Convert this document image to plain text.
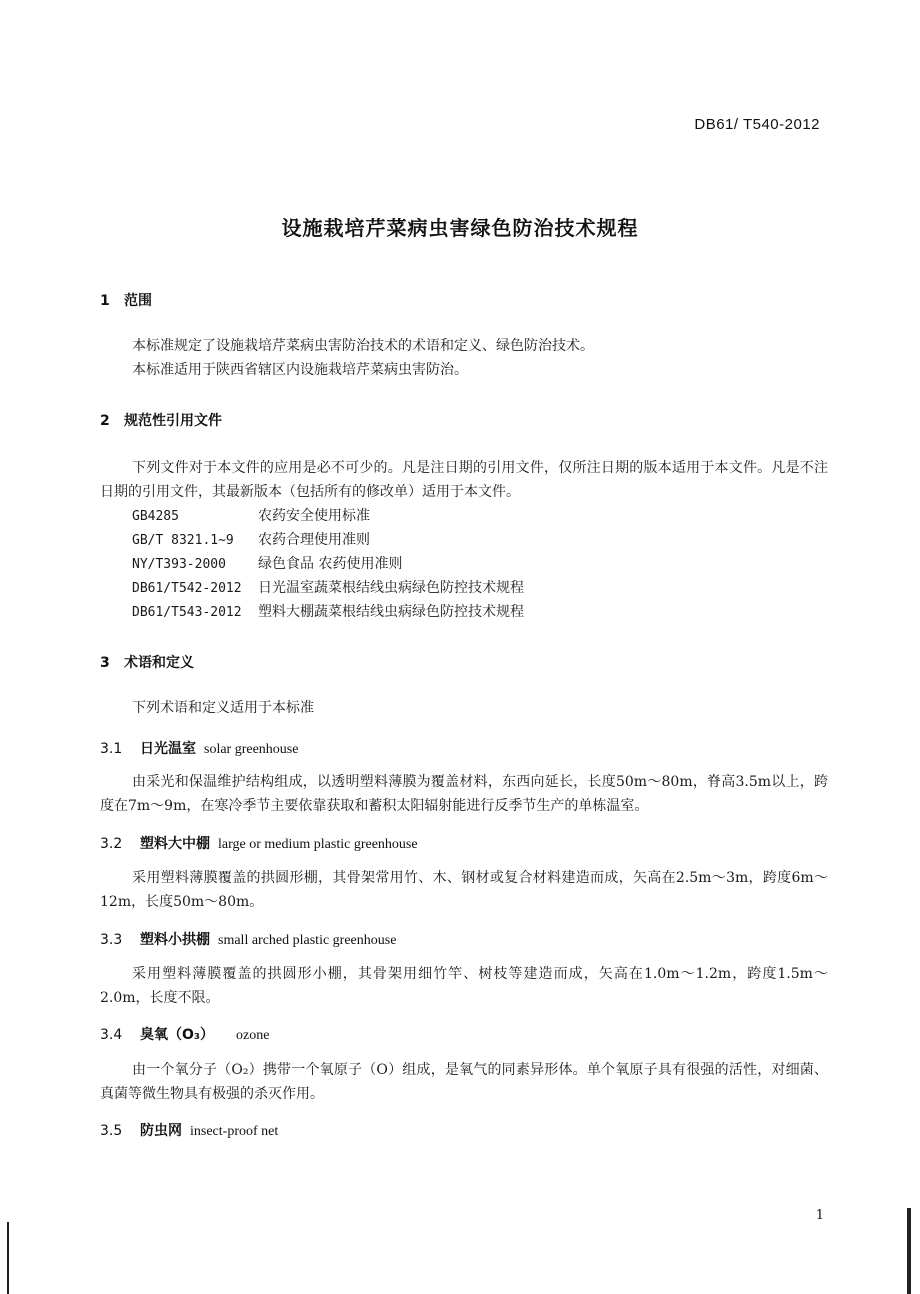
DB61/ T540-2012
设施栽培芹菜病虫害绿色防治技术规程
1 范围
本标准规定了设施栽培芹菜病虫害防治技术的术语和定义、绿色防治技术。
本标准适用于陕西省辖区内设施栽培芹菜病虫害防治。
2 规范性引用文件
下列文件对于本文件的应用是必不可少的。凡是注日期的引用文件，仅所注日期的版本适用于本文件。凡是不注日期的引用文件，其最新版本（包括所有的修改单）适用于本文件。
GB4285	农药安全使用标准
GB/T 8321.1~9 农药合理使用准则
NY/T393-2000 绿色食品 农药使用准则
DB61/T542-2012 日光温室蔬菜根结线虫病绿色防控技术规程
DB61/T543-2012 塑料大棚蔬菜根结线虫病绿色防控技术规程
3 术语和定义
下列术语和定义适用于本标准
3.1 日光温室 solar greenhouse
由采光和保温维护结构组成，以透明塑料薄膜为覆盖材料，东西向延长，长度50m～80m，脊高3.5m以上，跨度在7m～9m，在寒冷季节主要依靠获取和蓄积太阳辐射能进行反季节生产的单栋温室。
3.2 塑料大中棚 large or medium plastic greenhouse
采用塑料薄膜覆盖的拱圆形棚，其骨架常用竹、木、钢材或复合材料建造而成，矢高在2.5m～3m，跨度6m～12m，长度50m～80m。
3.3 塑料小拱棚 small arched plastic greenhouse
采用塑料薄膜覆盖的拱圆形小棚，其骨架用细竹竿、树枝等建造而成，矢高在1.0m～1.2m，跨度1.5m～2.0m，长度不限。
3.4 臭氧（O₃） ozone
由一个氧分子（O₂）携带一个氧原子（O）组成，是氧气的同素异形体。单个氧原子具有很强的活性，对细菌、真菌等微生物具有极强的杀灭作用。
3.5 防虫网 insect-proof net
1
